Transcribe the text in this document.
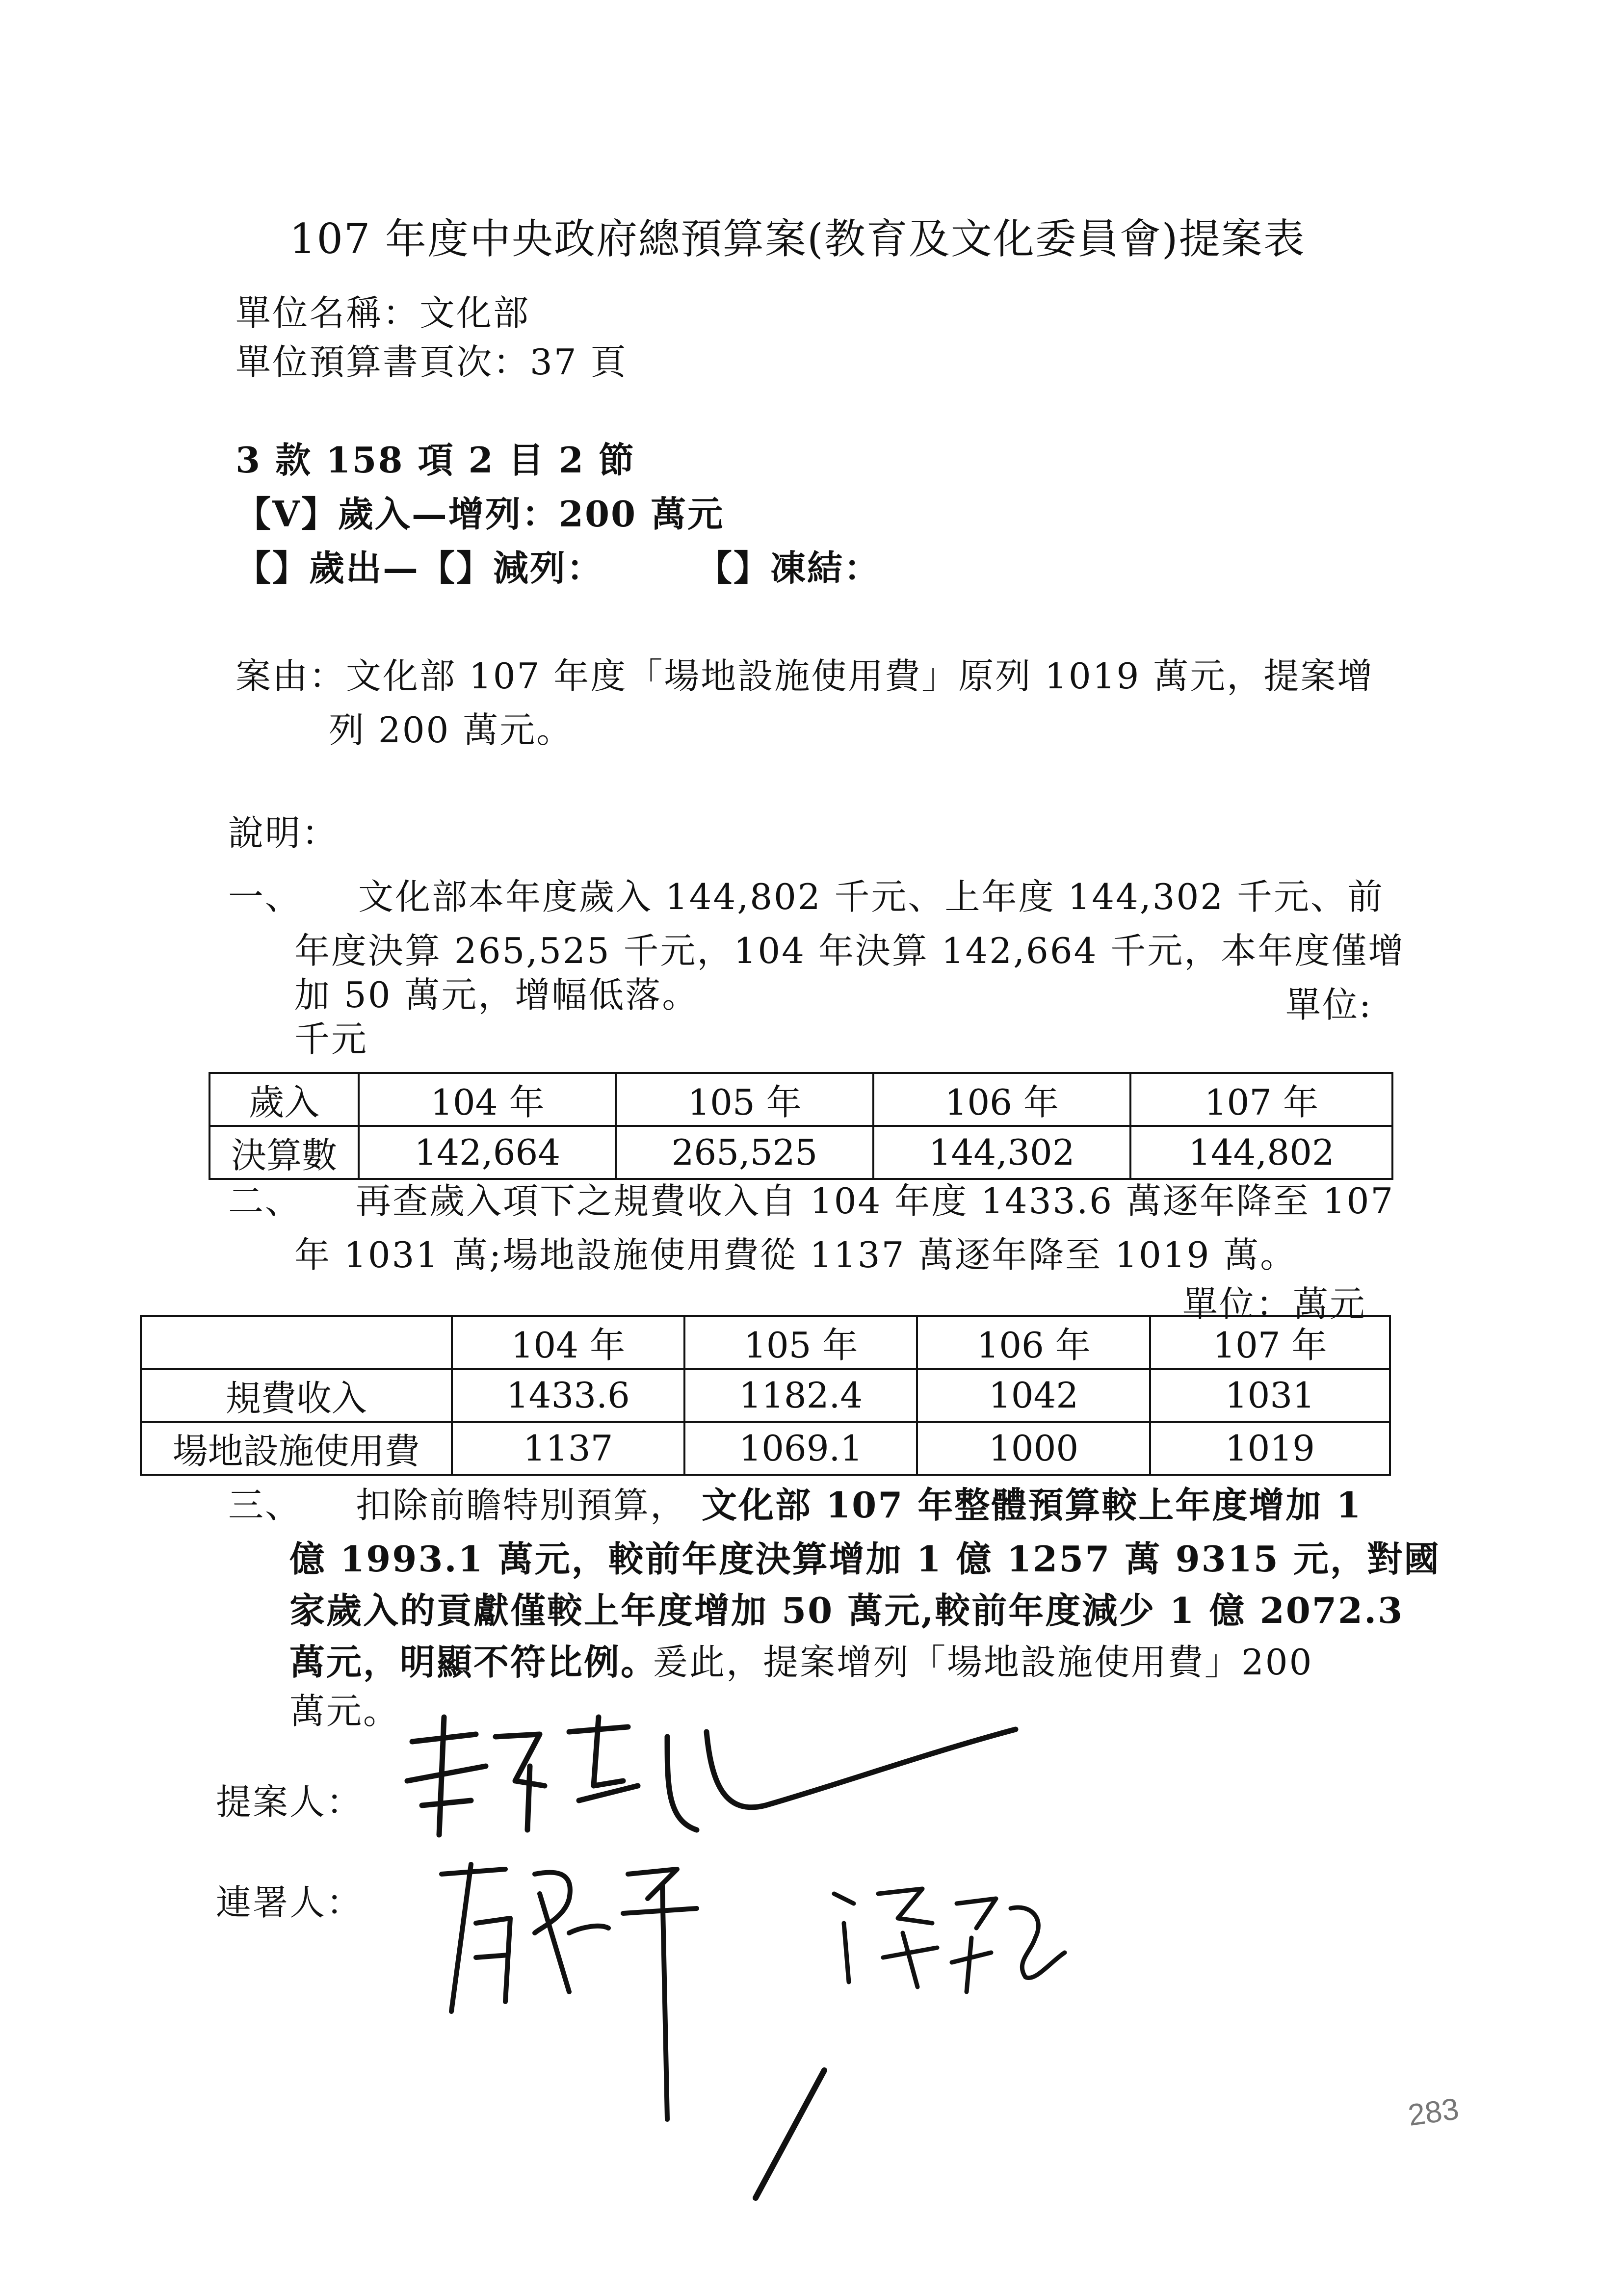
107 年度中央政府總預算案(教育及文化委員會)提案表
單位名稱：文化部
單位預算書頁次：37 頁
3 款 158 項 2 目 2 節
【V】歲入—增列：200 萬元
【】歲出—【】減列：	【】凍結：
案由：文化部 107 年度「場地設施使用費」原列 1019 萬元，提案增
列 200 萬元。
說明：
一、 文化部本年度歲入 144,802 千元、上年度 144,302 千元、前
年度決算 265,525 千元，104 年決算 142,664 千元，本年度僅增
加 50 萬元，增幅低落。	單位:
千元
歲入	104 年	105 年	106 年	107 年
決算數	142,664	265,525	144,302	144,802
二、 再查歲入項下之規費收入自 104 年度 1433.6 萬逐年降至 107
年 1031 萬;場地設施使用費從 1137 萬逐年降至 1019 萬。
單位：萬元
	104 年	105 年	106 年	107 年
規費收入	1433.6	1182.4	1042	1031
場地設施使用費	1137	1069.1	1000	1019
三、 扣除前瞻特別預算， 文化部 107 年整體預算較上年度增加 1
億 1993.1 萬元，較前年度決算增加 1 億 1257 萬 9315 元，對國
家歲入的貢獻僅較上年度增加 50 萬元,較前年度減少 1 億 2072.3
萬元，明顯不符比例。
爰此，提案增列「場地設施使用費」200
萬元。
提案人：
連署人：
283
